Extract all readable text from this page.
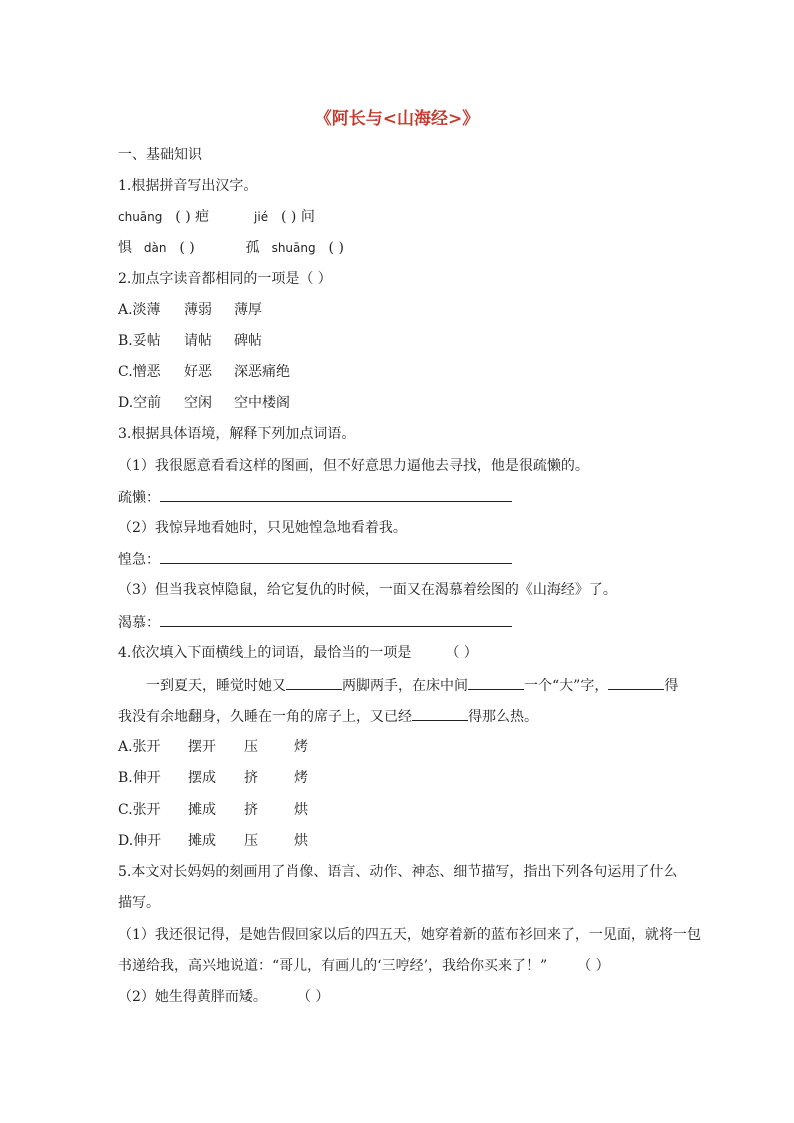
《阿长与<山海经>》
一、基础知识
1.根据拼音写出汉字。
chuāng ( ) 疤	jié ( ) 问
惧 dàn ( )	孤 shuāng ( )
2.加点字读音都相同的一项是（ ）
A.淡薄 薄弱 薄厚
B.妥帖 请帖 碑帖
C.憎恶 好恶 深恶痛绝
D.空前 空闲 空中楼阁
3.根据具体语境，解释下列加点词语。
（1）我很愿意看看这样的图画，但不好意思力逼他去寻找，他是很疏懒的。
疏懒：
（2）我惊异地看她时，只见她惶急地看着我。
惶急：
（3）但当我哀悼隐鼠，给它复仇的时候，一面又在渴慕着绘图的《山海经》了。
渴慕：
4.依次填入下面横线上的词语，最恰当的一项是 （ ）
一到夏天，睡觉时她又	两脚两手，在床中间	一个“大”字，	得
我没有余地翻身，久睡在一角的席子上，又已经	得那么热。
A.张开 摆开 压	烤
B.伸开 摆成 挤	烤
C.张开 摊成 挤	烘
D.伸开 摊成 压	烘
5.本文对长妈妈的刻画用了肖像、语言、动作、神态、细节描写，指出下列各句运用了什么
描写。
（1）我还很记得，是她告假回家以后的四五天，她穿着新的蓝布衫回来了，一见面，就将一包
书递给我，高兴地说道：“哥儿，有画儿的‘三哼经’，我给你买来了！” （ ）
（2）她生得黄胖而矮。 （ ）
